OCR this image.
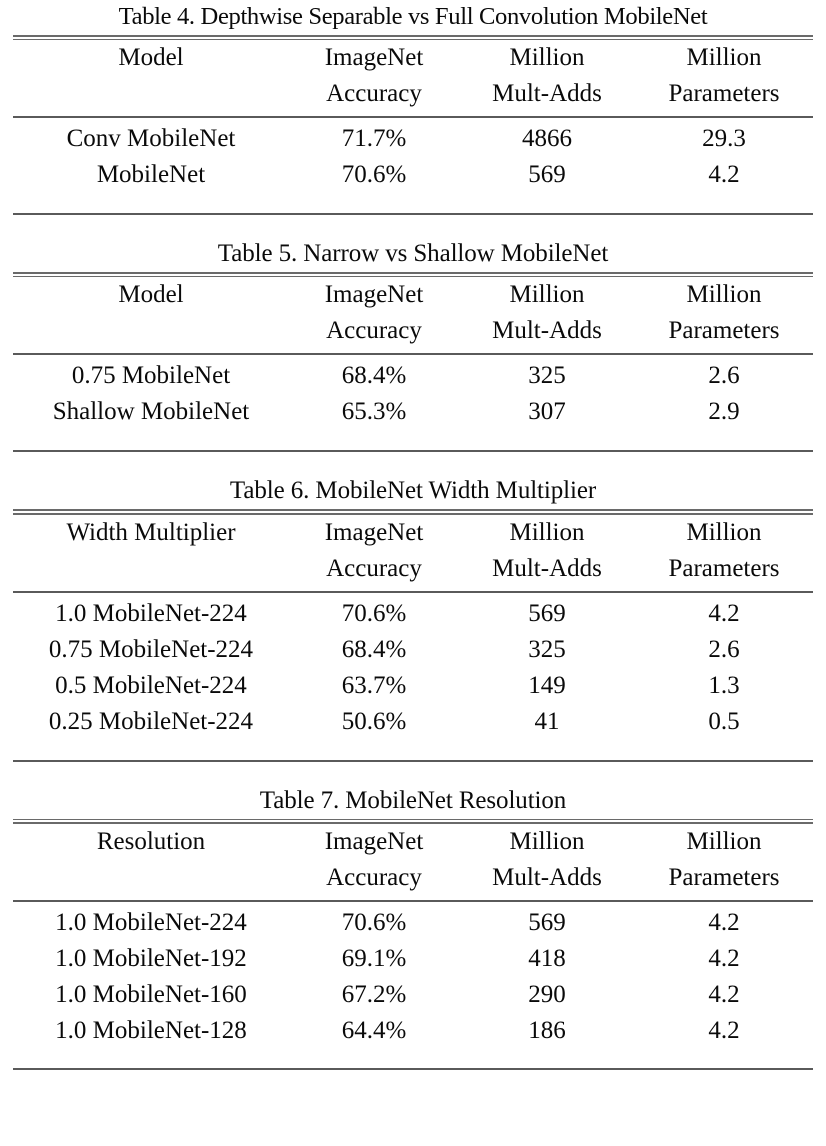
Table 4. Depthwise Separable vs Full Convolution MobileNet
Model	ImageNet	Million	Million
	Accuracy	Mult-Adds	Parameters
Conv MobileNet	71.7%	4866	29.3
MobileNet	70.6%	569	4.2
Table 5. Narrow vs Shallow MobileNet
Model	ImageNet	Million	Million
	Accuracy	Mult-Adds	Parameters
0.75 MobileNet	68.4%	325	2.6
Shallow MobileNet	65.3%	307	2.9
Table 6. MobileNet Width Multiplier
Width Multiplier	ImageNet	Million	Million
	Accuracy	Mult-Adds	Parameters
1.0 MobileNet-224	70.6%	569	4.2
0.75 MobileNet-224	68.4%	325	2.6
0.5 MobileNet-224	63.7%	149	1.3
0.25 MobileNet-224	50.6%	41	0.5
Table 7. MobileNet Resolution
Resolution	ImageNet	Million	Million
	Accuracy	Mult-Adds	Parameters
1.0 MobileNet-224	70.6%	569	4.2
1.0 MobileNet-192	69.1%	418	4.2
1.0 MobileNet-160	67.2%	290	4.2
1.0 MobileNet-128	64.4%	186	4.2
